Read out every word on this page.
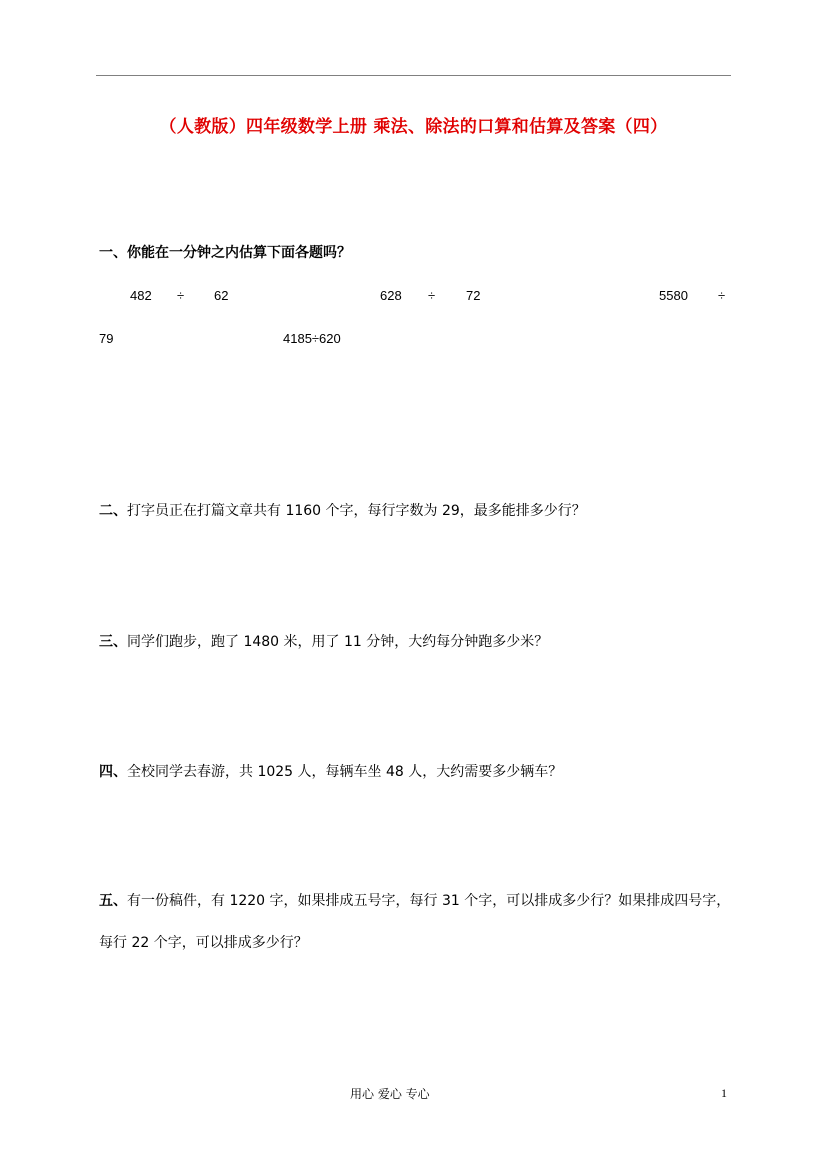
（人教版）四年级数学上册 乘法、除法的口算和估算及答案（四）
一、你能在一分钟之内估算下面各题吗？
482 ÷ 62	628 ÷ 72	5580 ÷
79	4185÷620
二、打字员正在打篇文章共有 1160 个字，每行字数为 29，最多能排多少行？
三、同学们跑步，跑了 1480 米，用了 11 分钟，大约每分钟跑多少米？
四、全校同学去春游，共 1025 人，每辆车坐 48 人，大约需要多少辆车？
五、有一份稿件，有 1220 字，如果排成五号字，每行 31 个字，可以排成多少行？如果排成四号字，
每行 22 个字，可以排成多少行？
用心 爱心 专心	1
